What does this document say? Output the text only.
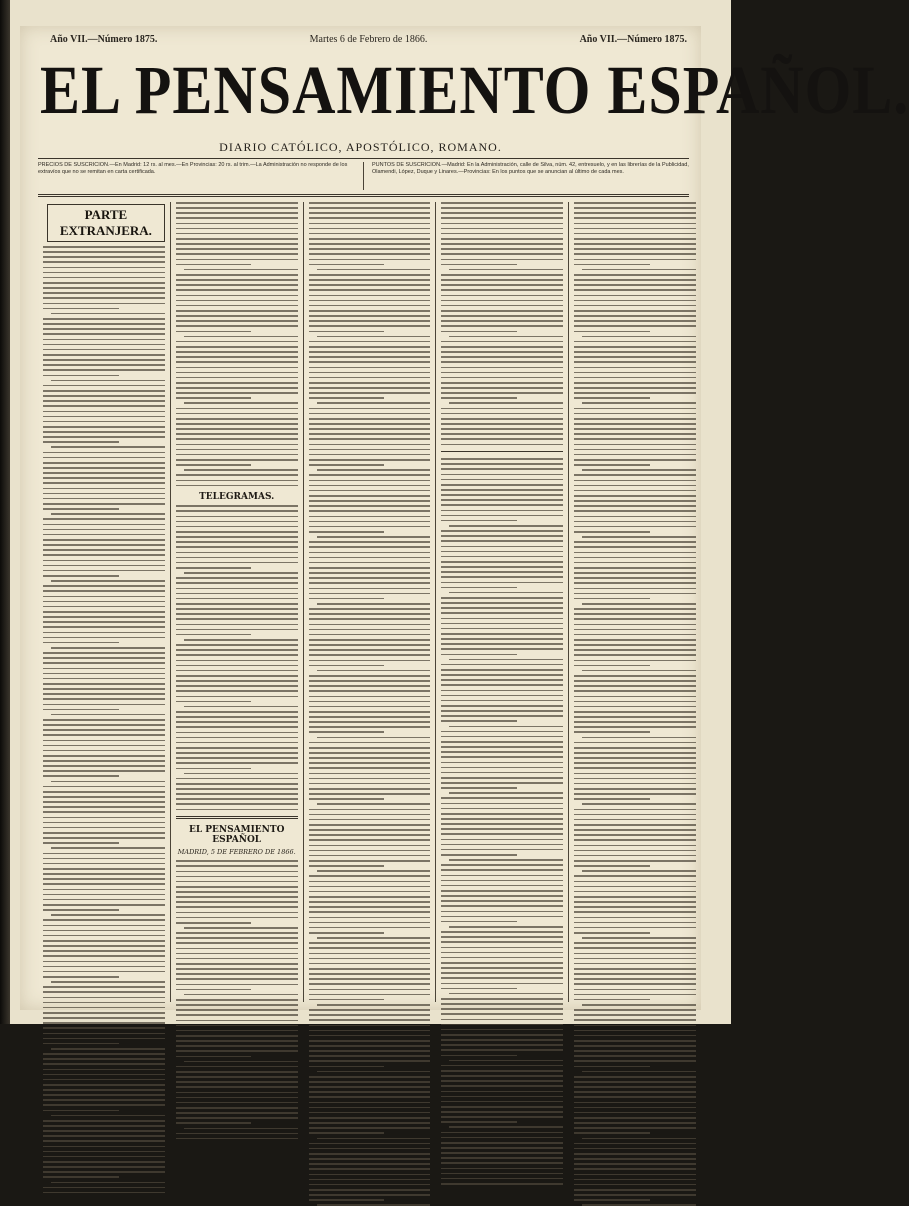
Año VII.—Número 1875.	Martes 6 de Febrero de 1866.	Año VII.—Número 1875.
EL PENSAMIENTO ESPAÑOL.
DIARIO CATÓLICO, APOSTÓLICO, ROMANO.
PRECIOS DE SUSCRICION.—En Madrid: 12 rs. al mes.—En Provincias: 20 rs. al trim.—La Administración no responde de los extravíos que no se remitan en carta certificada.
PUNTOS DE SUSCRICION.—Madrid: En la Administración, calle de Silva, núm. 42, entresuelo, y en las librerías de la Publicidad, Olamendi, López, Duque y Linares.—Provincias: En los puntos que se anuncian al último de cada mes.
PARTE EXTRANJERA.
TELEGRAMAS.
EL PENSAMIENTO ESPAÑOL
MADRID, 5 DE FEBRERO DE 1866.
